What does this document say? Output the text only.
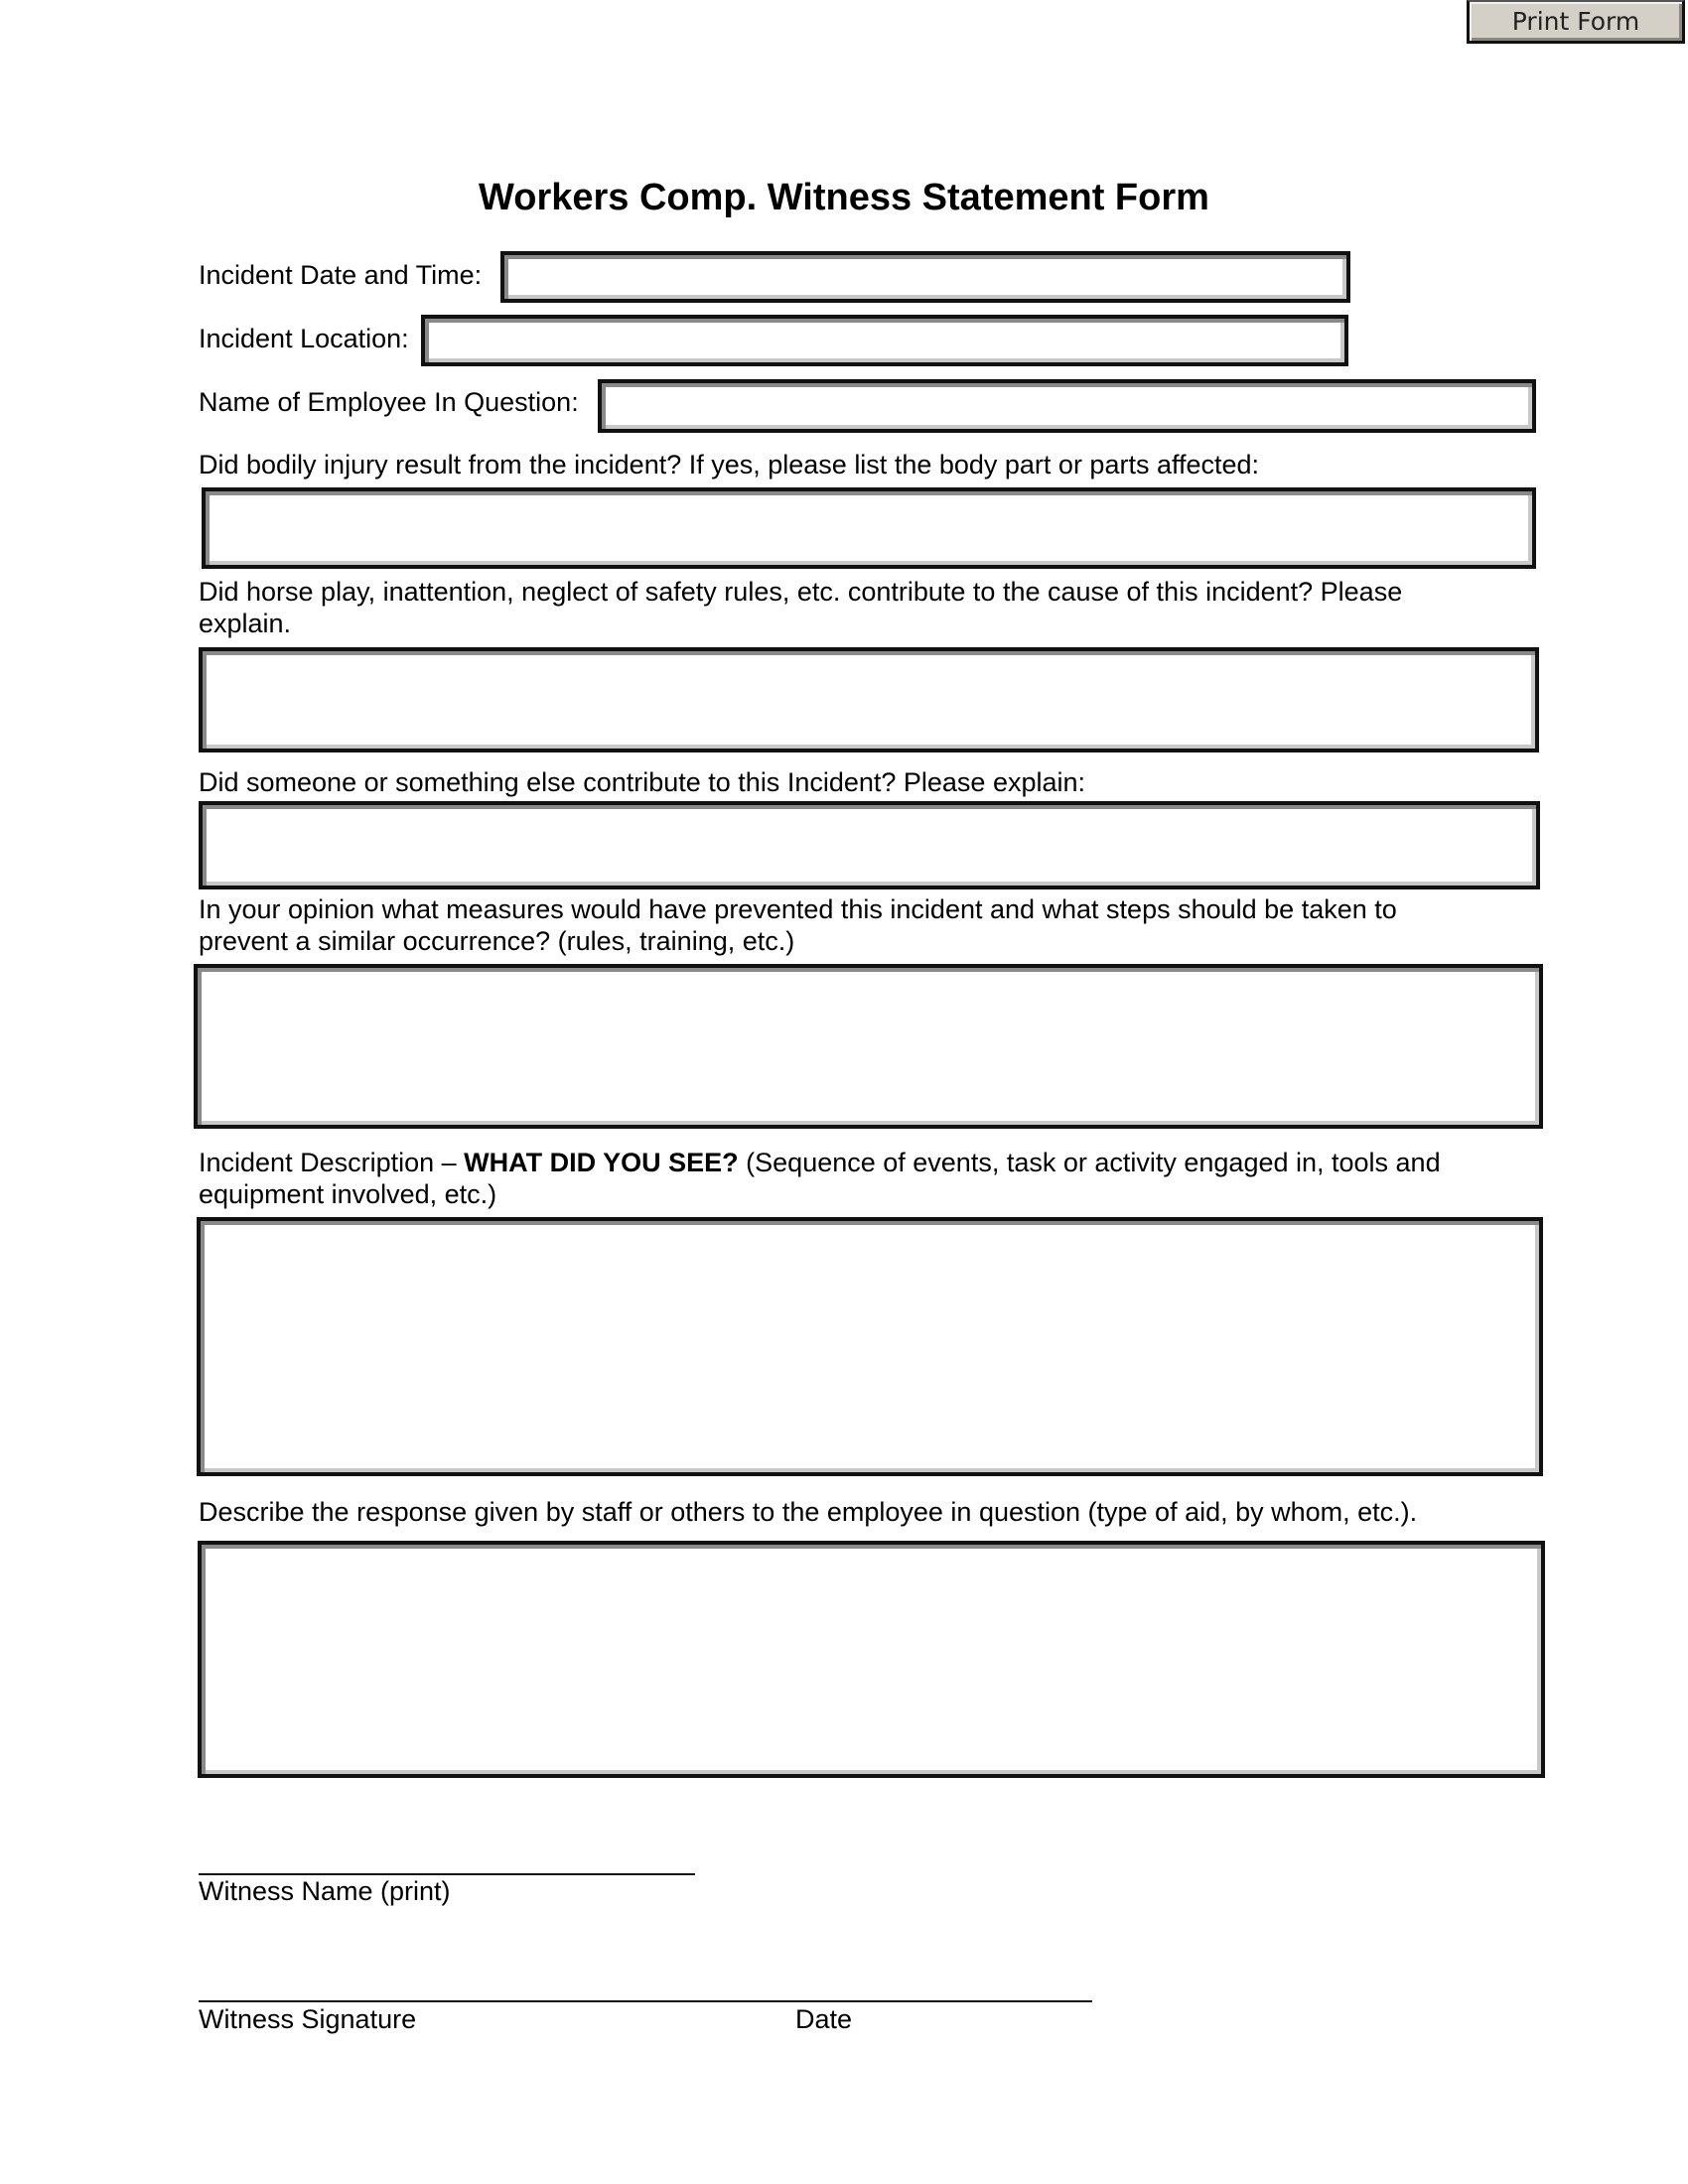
Print Form
Workers Comp. Witness Statement Form
Incident Date and Time:
Incident Location:
Name of Employee In Question:
Did bodily injury result from the incident? If yes, please list the body part or parts affected:
Did horse play, inattention, neglect of safety rules, etc. contribute to the cause of this incident? Please
explain.
Did someone or something else contribute to this Incident? Please explain:
In your opinion what measures would have prevented this incident and what steps should be taken to
prevent a similar occurrence? (rules, training, etc.)
Incident Description – WHAT DID YOU SEE? (Sequence of events, task or activity engaged in, tools and
equipment involved, etc.)
Describe the response given by staff or others to the employee in question (type of aid, by whom, etc.).
Witness Name (print)
Witness Signature	Date
